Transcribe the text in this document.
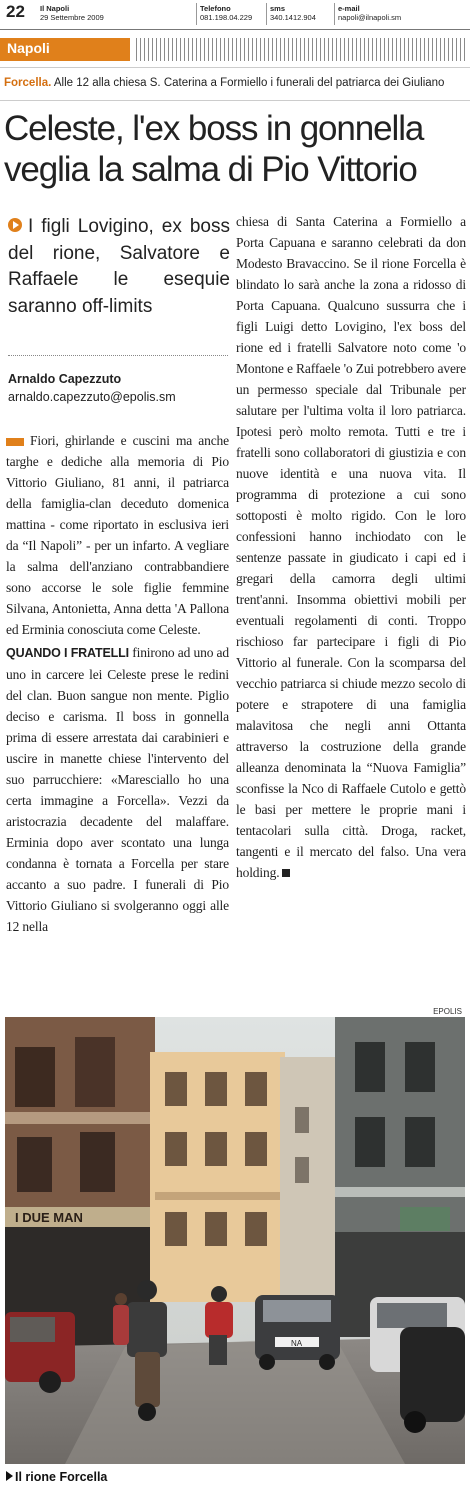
22 Il Napoli
29 Settembre 2009
Telefono
081.198.04.229
sms
340.1412.904
e-mail
napoli@ilnapoli.sm
Napoli
Forcella. Alle 12 alla chiesa S. Caterina a Formiello i funerali del patriarca dei Giuliano
Celeste, l'ex boss in gonnella
veglia la salma di Pio Vittorio

I figli Lovigino, ex boss del rione, Salvatore e Raffaele le esequie saranno off-limits

Arnaldo Capezzuto
arnaldo.capezzuto@epolis.sm

Fiori, ghirlande e cuscini ma anche targhe e dediche alla memoria di Pio Vittorio Giuliano, 81 anni, il patriarca della famiglia-clan deceduto domenica mattina - come riportato in esclusiva ieri da “Il Napoli” - per un infarto. A vegliare la salma dell'anziano contrabbandiere sono accorse le sole figlie femmine Silvana, Antonietta, Anna detta 'A Pallona ed Erminia conosciuta come Celeste.

QUANDO I FRATELLI finirono ad uno ad uno in carcere lei Celeste prese le redini del clan. Buon sangue non mente. Piglio deciso e carisma. Il boss in gonnella prima di essere arrestata dai carabinieri e uscire in manette chiese l'intervento del suo parrucchiere: «Maresciallo ho una certa immagine a Forcella». Vezzi da aristocrazia decadente del malaffare. Erminia dopo aver scontato una lunga condanna è tornata a Forcella per stare accanto a suo padre. I funerali di Pio Vittorio Giuliano si svolgeranno oggi alle 12 nella

chiesa di Santa Caterina a Formiello a Porta Capuana e saranno celebrati da don Modesto Bravaccino. Se il rione Forcella è blindato lo sarà anche la zona a ridosso di Porta Capuana. Qualcuno sussurra che i figli Luigi detto Lovigino, l'ex boss del rione ed i fratelli Salvatore noto come 'o Montone e Raffaele 'o Zui potrebbero avere un permesso speciale dal Tribunale per salutare per l'ultima volta il loro patriarca. Ipotesi però molto remota. Tutti e tre i fratelli sono collaboratori di giustizia e con nuove identità e una nuova vita. Il programma di protezione a cui sono sottoposti è molto rigido. Con le loro confessioni hanno inchiodato con le sentenze passate in giudicato i capi ed i gregari della camorra degli ultimi trent'anni. Insomma obiettivi mobili per eventuali regolamenti di conti. Troppo rischioso far partecipare i figli di Pio Vittorio al funerale. Con la scomparsa del vecchio patriarca si chiude mezzo secolo di potere e strapotere di una famiglia malavitosa che negli anni Ottanta attraverso la costruzione della grande alleanza denominata la “Nuova Famiglia” sconfisse la Nco di Raffaele Cutolo e gettò le basi per mettere le proprie mani i tentacolari sulla città. Droga, racket, tangenti e il mercato del falso. Una vera holding.

EPOLIS
I DUE MAN
NA
Il rione Forcella
